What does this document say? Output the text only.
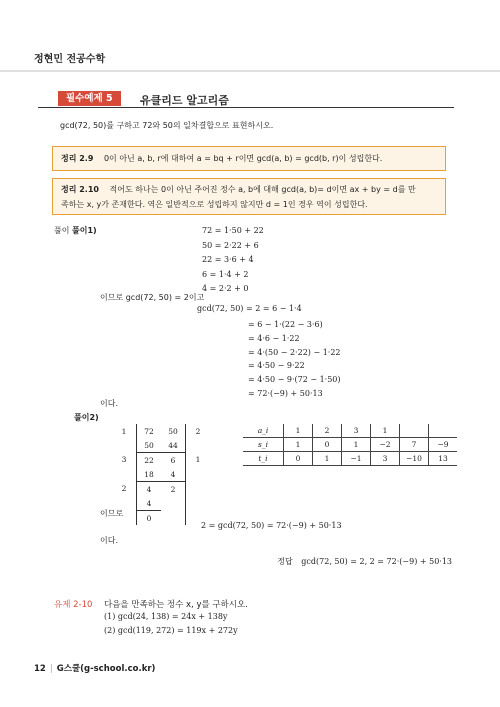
정현민 전공수학
필수예제 5	유클리드 알고리즘
gcd(72, 50)를 구하고 72와 50의 일차결합으로 표현하시오.
정리 2.9 0이 아닌 a, b, r에 대하여 a = bq + r이면 gcd(a, b) = gcd(b, r)이 성립한다.
정리 2.10 적어도 하나는 0이 아닌 주어진 정수 a, b에 대해 gcd(a, b)= d이면 ax + by = d를 만
족하는 x, y가 존재한다. 역은 일반적으로 성립하지 않지만 d = 1인 경우 역이 성립한다.
풀이 풀이1)	72 = 1·50 + 22
50 = 2·22 + 6
22 = 3·6 + 4
6 = 1·4 + 2
4 = 2·2 + 0
이므로 gcd(72, 50) = 2이고
gcd(72, 50) = 2 = 6 − 1·4
= 6 − 1·(22 − 3·6)
= 4·6 − 1·22
= 4·(50 − 2·22) − 1·22
= 4·50 − 9·22
= 4·50 − 9·(72 − 1·50)
= 72·(−9) + 50·13
이다.
풀이2)
1	72	50	2
	50	44	
3	22	6	1
	18	4	
2	4	2	
	4		
	0		
a_i	1	2	3	1		
s_i	1	0	1	−2	7	−9
t_i	0	1	−1	3	−10	13
이므로
2 = gcd(72, 50) = 72·(−9) + 50·13
이다.
정답 gcd(72, 50) = 2, 2 = 72·(−9) + 50·13
유제 2-10 다음을 만족하는 정수 x, y를 구하시오.
(1) gcd(24, 138) = 24x + 138y
(2) gcd(119, 272) = 119x + 272y
12 | G스쿨(g-school.co.kr)
